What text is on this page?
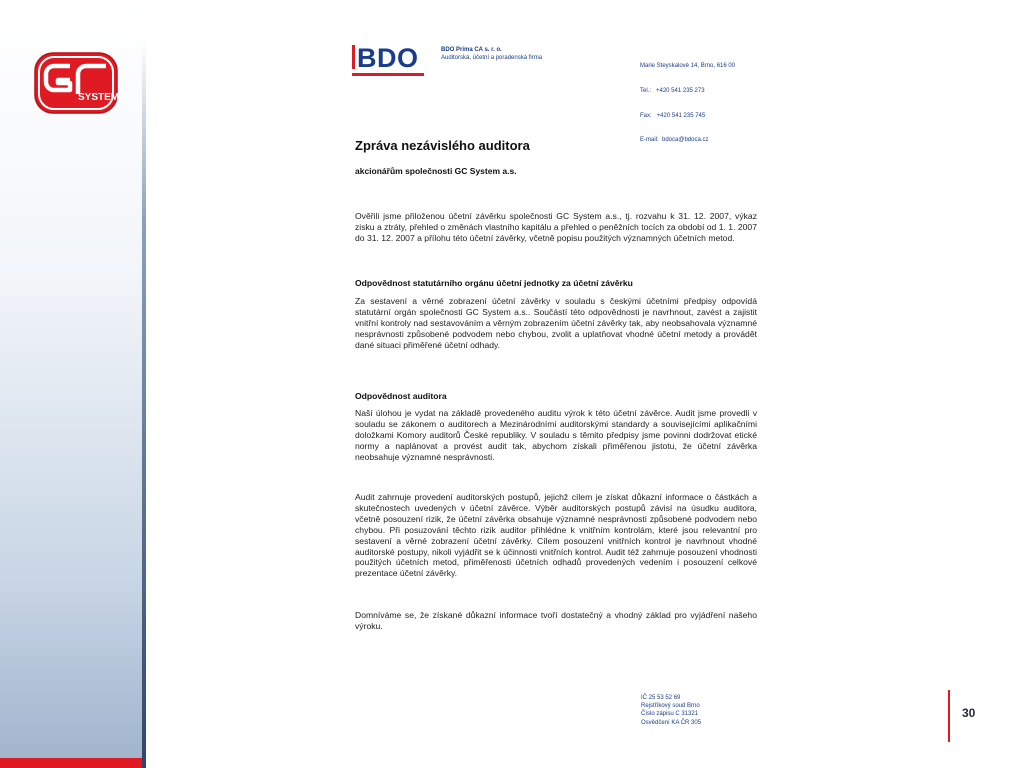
SYSTEM
BDO	BDO Prima CA s. r. o.
Auditorská, účetní a poradenská firma

Marie Steyskalové 14, Brno, 616 00

Tel.:   +420 541 235 273

Fax:   +420 541 235 745

E-mail:  bdoca@bdoca.cz

Zpráva nezávislého auditora
akcionářům společnosti GC System a.s.
Ověřili jsme přiloženou účetní závěrku společnosti GC System a.s., tj. rozvahu k 31. 12. 2007, výkaz zisku a ztráty, přehled o změnách vlastního kapitálu a přehled o peněžních tocích za období od 1. 1. 2007 do 31. 12. 2007 a přílohu této účetní závěrky, včetně popisu použitých významných účetních metod.
Odpovědnost statutárního orgánu účetní jednotky za účetní závěrku
Za sestavení a věrné zobrazení účetní závěrky v souladu s českými účetními předpisy odpovídá statutární orgán společnosti GC System a.s.. Součástí této odpovědnosti je navrhnout, zavést a zajistit vnitřní kontroly nad sestavováním a věrným zobrazením účetní závěrky tak, aby neobsahovala významné nesprávnosti způsobené podvodem nebo chybou, zvolit a uplatňovat vhodné účetní metody a provádět dané situaci přiměřené účetní odhady.
Odpovědnost auditora
Naší úlohou je vydat na základě provedeného auditu výrok k této účetní závěrce. Audit jsme provedli v souladu se zákonem o auditorech a Mezinárodními auditorskými standardy a souvisejícími aplikačními doložkami Komory auditorů České republiky. V souladu s těmito předpisy jsme povinni dodržovat etické normy a naplánovat a provést audit tak, abychom získali přiměřenou jistotu, že účetní závěrka neobsahuje významné nesprávnosti.
Audit zahrnuje provedení auditorských postupů, jejichž cílem je získat důkazní informace o částkách a skutečnostech uvedených v účetní závěrce. Výběr auditorských postupů závisí na úsudku auditora, včetně posouzení rizik, že účetní závěrka obsahuje významné nesprávnosti způsobené podvodem nebo chybou. Při posuzování těchto rizik auditor přihlédne k vnitřním kontrolám, které jsou relevantní pro sestavení a věrné zobrazení účetní závěrky. Cílem posouzení vnitřních kontrol je navrhnout vhodné auditorské postupy, nikoli vyjádřit se k účinnosti vnitřních kontrol. Audit též zahrnuje posouzení vhodnosti použitých účetních metod, přiměřenosti účetních odhadů provedených vedením i posouzení celkové prezentace účetní závěrky.
Domníváme se, že získané důkazní informace tvoří dostatečný a vhodný základ pro vyjádření našeho výroku.
IČ 25 53 52 69
Rejstříkový soud Brno
Číslo zápisu C 31321
Osvědčení KA ČR 305
30
